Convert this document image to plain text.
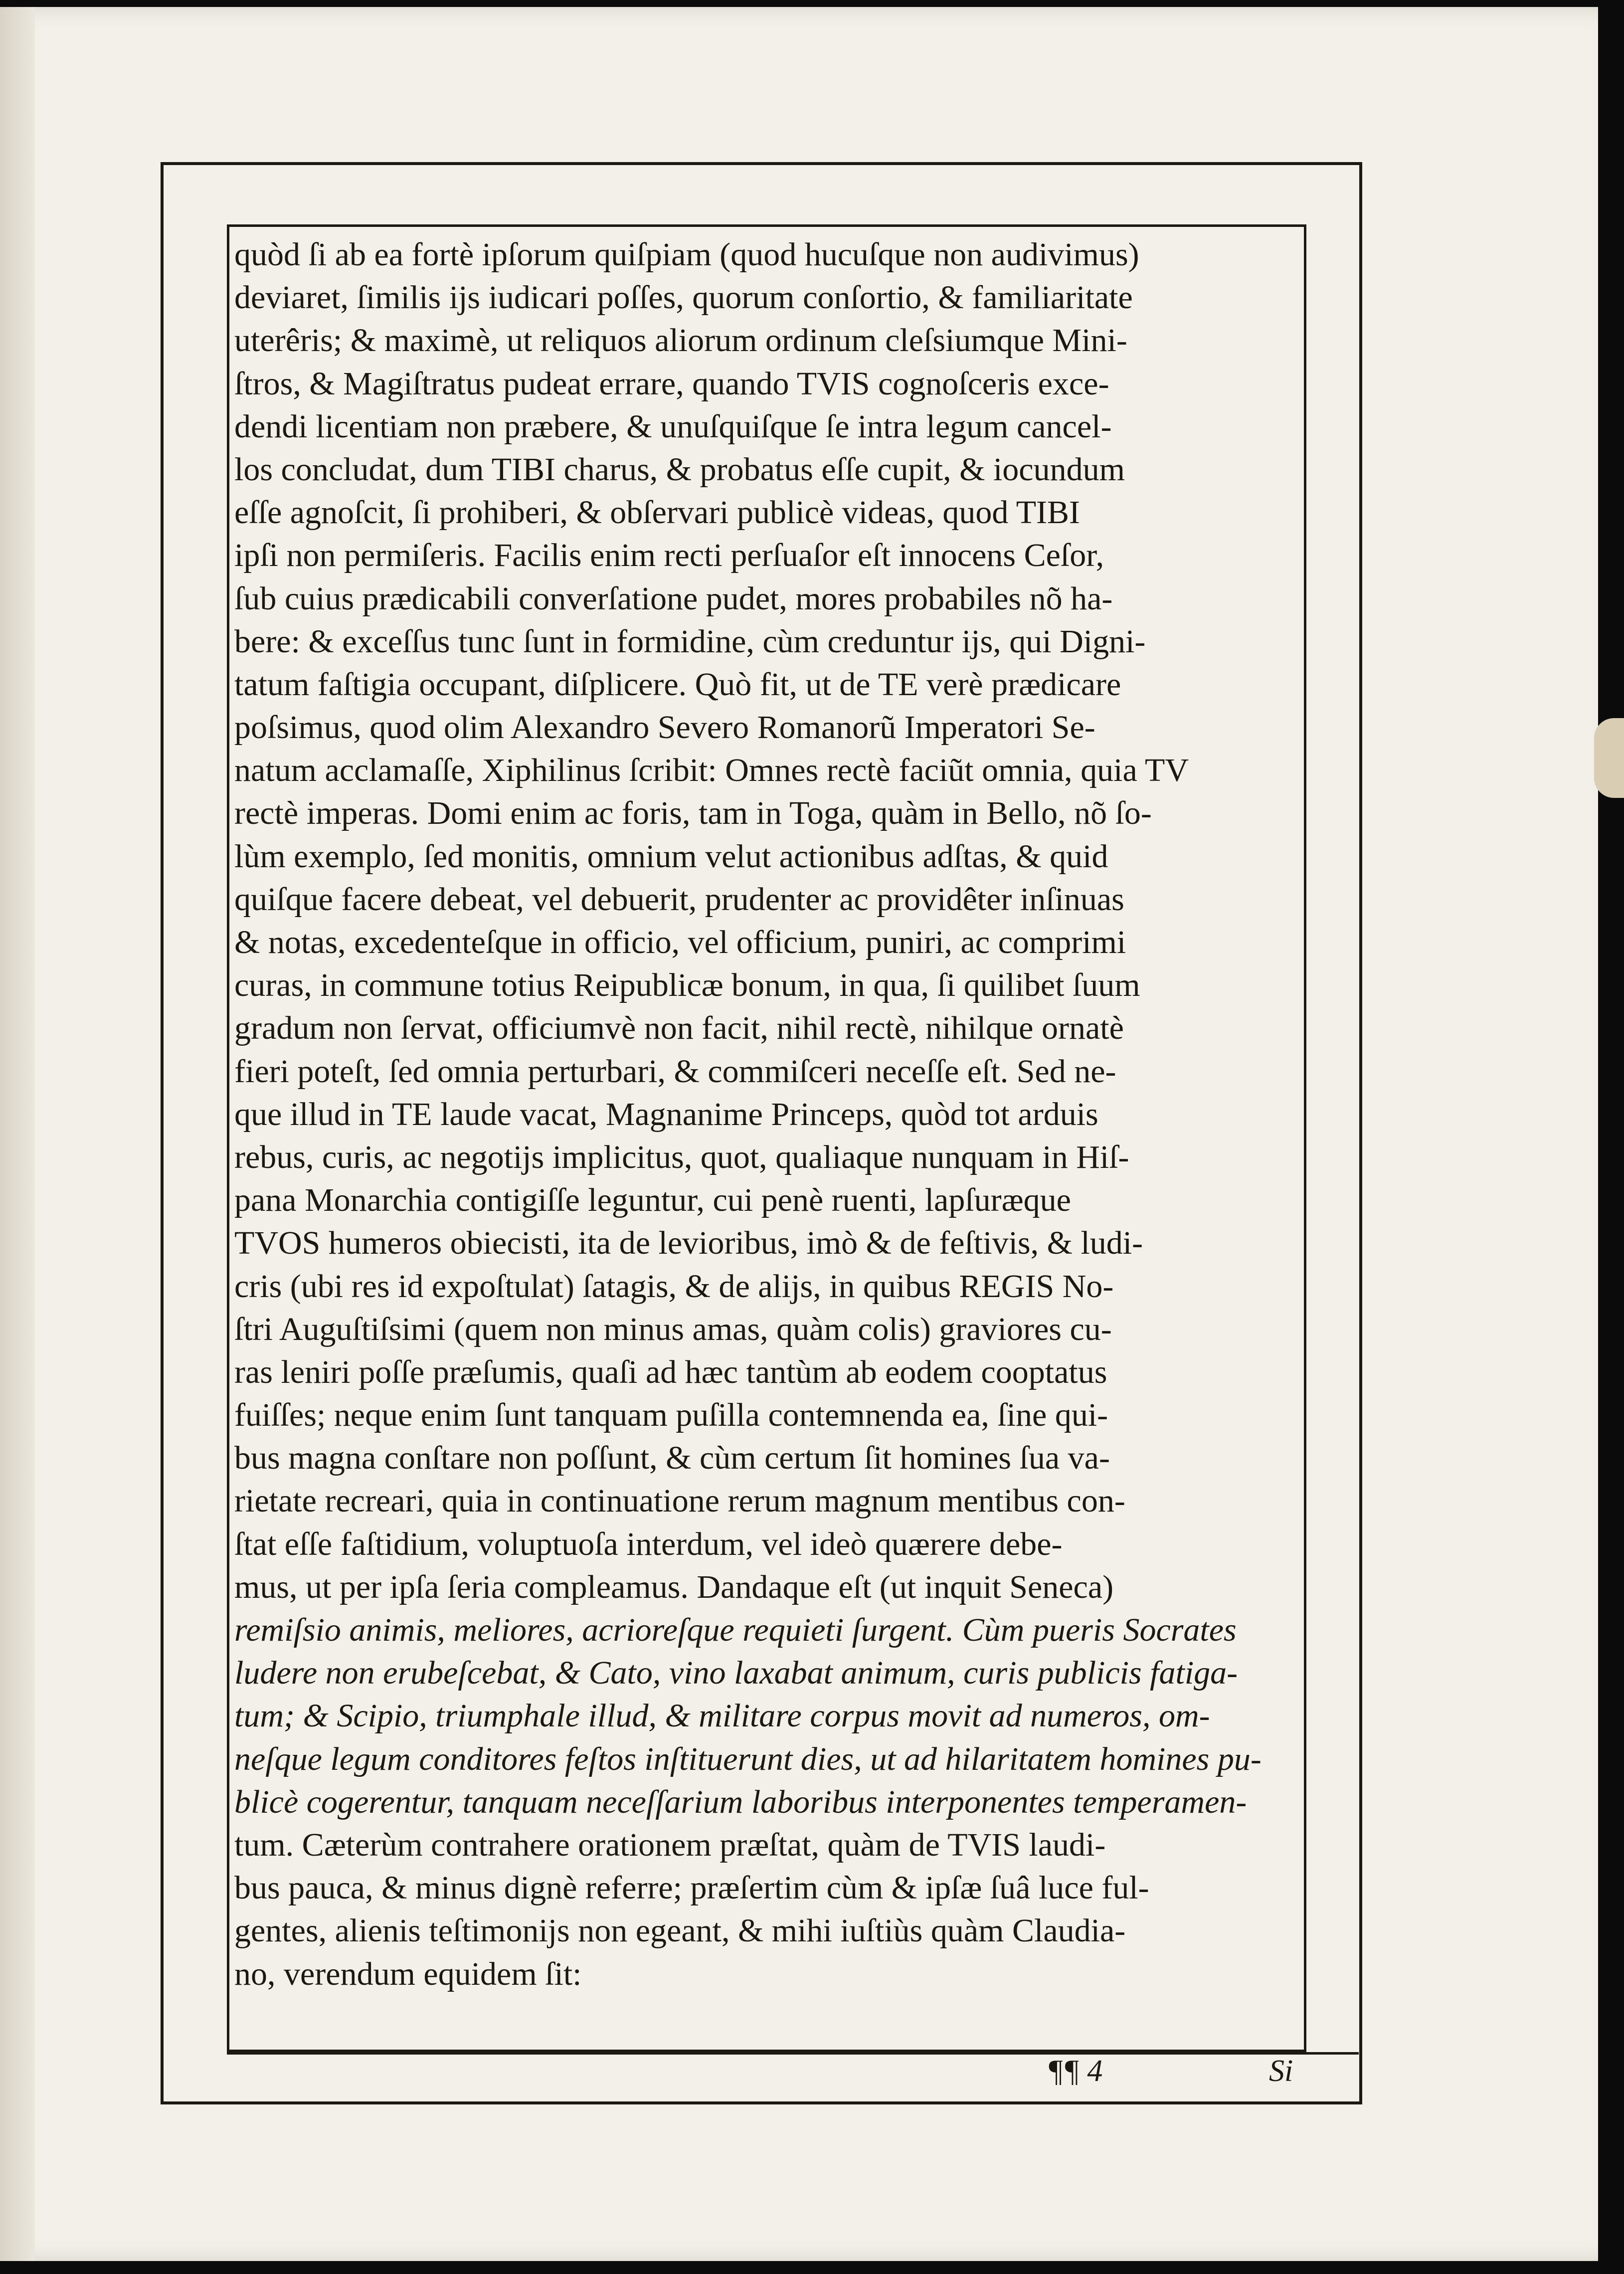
quòd ſi ab ea fortè ipſorum quiſpiam (quod hucuſque non audivimus)
deviaret, ſimilis ijs iudicari poſſes, quorum conſortio, & familiaritate
uterêris; & maximè, ut reliquos aliorum ordinum cleſsiumque Mini-
ſtros, & Magiſtratus pudeat errare, quando TVIS cognoſceris exce-
dendi licentiam non præbere, & unuſquiſque ſe intra legum cancel-
los concludat, dum TIBI charus, & probatus eſſe cupit, & iocundum
eſſe agnoſcit, ſi prohiberi, & obſervari publicè videas, quod TIBI
ipſi non permiſeris. Facilis enim recti perſuaſor eſt innocens Ceſor,
ſub cuius prædicabili converſatione pudet, mores probabiles nõ ha-
bere: & exceſſus tunc ſunt in formidine, cùm creduntur ijs, qui Digni-
tatum faſtigia occupant, diſplicere. Quò fit, ut de TE verè prædicare
poſsimus, quod olim Alexandro Severo Romanorũ Imperatori Se-
natum acclamaſſe, Xiphilinus ſcribit: Omnes rectè faciũt omnia, quia TV
rectè imperas. Domi enim ac foris, tam in Toga, quàm in Bello, nõ ſo-
lùm exemplo, ſed monitis, omnium velut actionibus adſtas, & quid
quiſque facere debeat, vel debuerit, prudenter ac providêter inſinuas
& notas, excedenteſque in officio, vel officium, puniri, ac comprimi
curas, in commune totius Reipublicæ bonum, in qua, ſi quilibet ſuum
gradum non ſervat, officiumvè non facit, nihil rectè, nihilque ornatè
fieri poteſt, ſed omnia perturbari, & commiſceri neceſſe eſt. Sed ne-
que illud in TE laude vacat, Magnanime Princeps, quòd tot arduis
rebus, curis, ac negotijs implicitus, quot, qualiaque nunquam in Hiſ-
pana Monarchia contigiſſe leguntur, cui penè ruenti, lapſuræque
TVOS humeros obiecisti, ita de levioribus, imò & de feſtivis, & ludi-
cris (ubi res id expoſtulat) ſatagis, & de alijs, in quibus REGIS No-
ſtri Auguſtiſsimi (quem non minus amas, quàm colis) graviores cu-
ras leniri poſſe præſumis, quaſi ad hæc tantùm ab eodem cooptatus
fuiſſes; neque enim ſunt tanquam puſilla contemnenda ea, ſine qui-
bus magna conſtare non poſſunt, & cùm certum ſit homines ſua va-
rietate recreari, quia in continuatione rerum magnum mentibus con-
ſtat eſſe faſtidium, voluptuoſa interdum, vel ideò quærere debe-
mus, ut per ipſa ſeria compleamus. Dandaque eſt (ut inquit Seneca)
remiſsio animis, meliores, acrioreſque requieti ſurgent. Cùm pueris Socrates
ludere non erubeſcebat, & Cato, vino laxabat animum, curis publicis fatiga-
tum; & Scipio, triumphale illud, & militare corpus movit ad numeros, om-
neſque legum conditores feſtos inſtituerunt dies, ut ad hilaritatem homines pu-
blicè cogerentur, tanquam neceſſarium laboribus interponentes temperamen-
tum. Cæterùm contrahere orationem præſtat, quàm de TVIS laudi-
bus pauca, & minus dignè referre; præſertim cùm & ipſæ ſuâ luce ful-
gentes, alienis teſtimonijs non egeant, & mihi iuſtiùs quàm Claudia-
no, verendum equidem ſit:
¶¶ 4	Si
